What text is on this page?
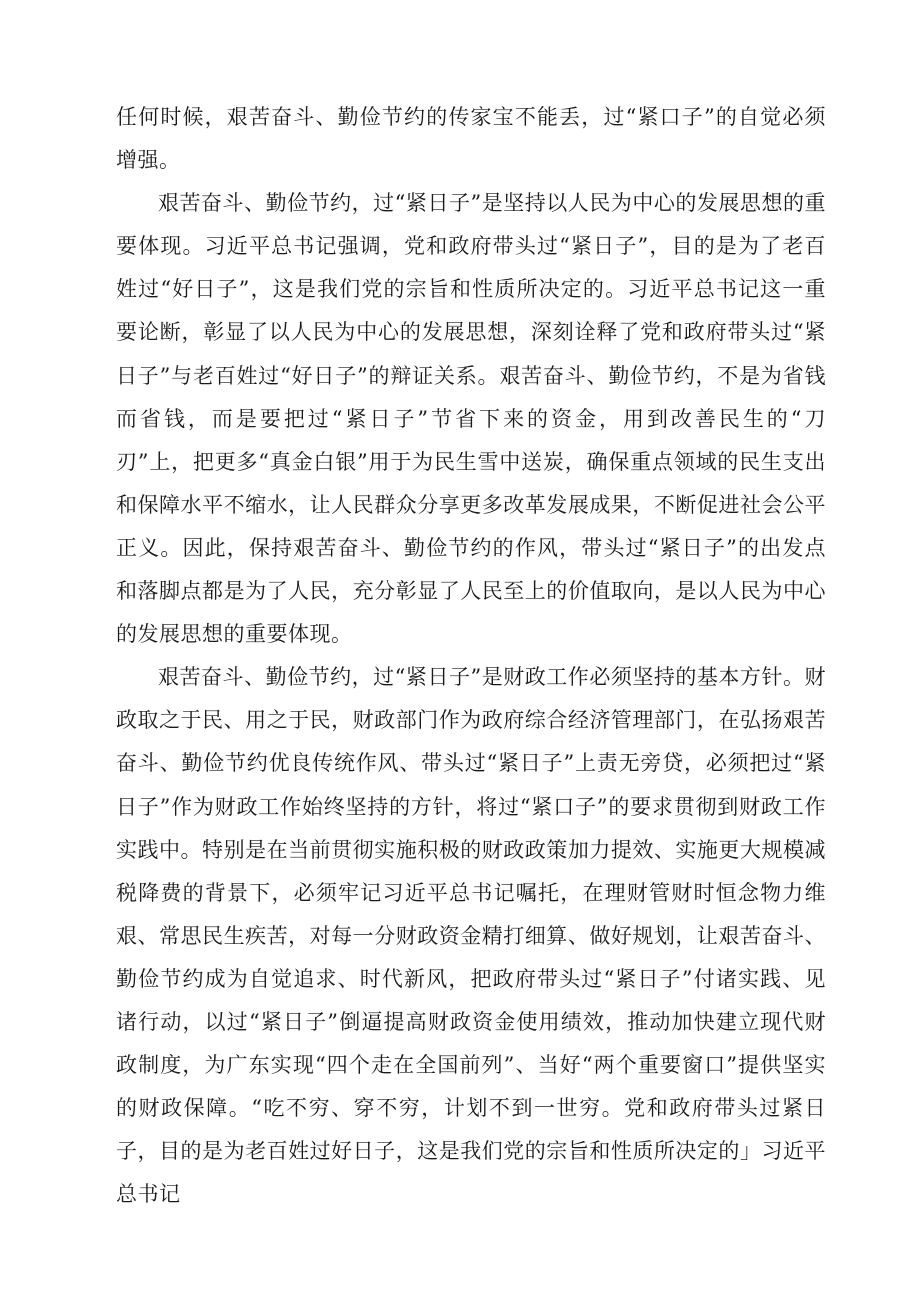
任何时候，艰苦奋斗、勤俭节约的传家宝不能丢，过“紧口子”的自觉必须增强。

艰苦奋斗、勤俭节约，过“紧日子”是坚持以人民为中心的发展思想的重要体现。习近平总书记强调，党和政府带头过“紧日子”，目的是为了老百姓过“好日子”，这是我们党的宗旨和性质所决定的。习近平总书记这一重要论断，彰显了以人民为中心的发展思想，深刻诠释了党和政府带头过“紧日子”与老百姓过“好日子”的辩证关系。艰苦奋斗、勤俭节约，不是为省钱而省钱，而是要把过“紧日子”节省下来的资金，用到改善民生的“刀刃”上，把更多“真金白银”用于为民生雪中送炭，确保重点领域的民生支出和保障水平不缩水，让人民群众分享更多改革发展成果，不断促进社会公平正义。因此，保持艰苦奋斗、勤俭节约的作风，带头过“紧日子”的出发点和落脚点都是为了人民，充分彰显了人民至上的价值取向，是以人民为中心的发展思想的重要体现。

艰苦奋斗、勤俭节约，过“紧日子”是财政工作必须坚持的基本方针。财政取之于民、用之于民，财政部门作为政府综合经济管理部门，在弘扬艰苦奋斗、勤俭节约优良传统作风、带头过“紧日子”上责无旁贷，必须把过“紧日子”作为财政工作始终坚持的方针，将过“紧口子”的要求贯彻到财政工作实践中。特别是在当前贯彻实施积极的财政政策加力提效、实施更大规模减税降费的背景下，必须牢记习近平总书记嘱托，在理财管财时恒念物力维艰、常思民生疾苦，对每一分财政资金精打细算、做好规划，让艰苦奋斗、勤俭节约成为自觉追求、时代新风，把政府带头过“紧日子”付诸实践、见诸行动，以过“紧日子”倒逼提高财政资金使用绩效，推动加快建立现代财政制度，为广东实现“四个走在全国前列”、当好“两个重要窗口”提供坚实的财政保障。“吃不穷、穿不穷，计划不到一世穷。党和政府带头过紧日子，目的是为老百姓过好日子，这是我们党的宗旨和性质所决定的」习近平总书记
